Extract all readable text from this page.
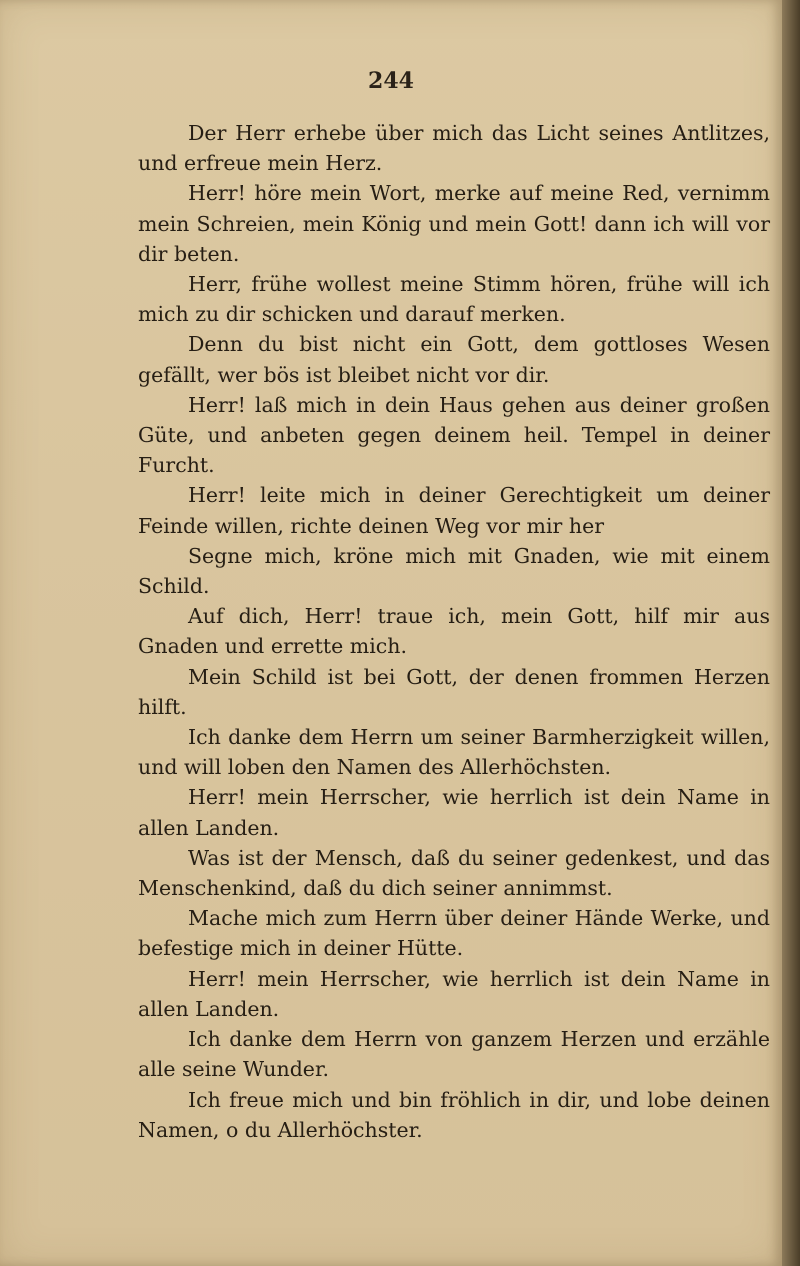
244

Der Herr erhebe über mich das Licht seines Antlitzes, und erfreue mein Herz.

Herr! höre mein Wort, merke auf meine Red, vernimm mein Schreien, mein König und mein Gott! dann ich will vor dir beten.

Herr, frühe wollest meine Stimm hören, frühe will ich mich zu dir schicken und darauf merken.

Denn du bist nicht ein Gott, dem gottloses Wesen gefällt, wer bös ist bleibet nicht vor dir.

Herr! laß mich in dein Haus gehen aus deiner großen Güte, und anbeten gegen deinem heil. Tempel in deiner Furcht.

Herr! leite mich in deiner Gerechtigkeit um deiner Feinde willen, richte deinen Weg vor mir her

Segne mich, kröne mich mit Gnaden, wie mit einem Schild.

Auf dich, Herr! traue ich, mein Gott, hilf mir aus Gnaden und errette mich.

Mein Schild ist bei Gott, der denen frommen Herzen hilft.

Ich danke dem Herrn um seiner Barmherzigkeit willen, und will loben den Namen des Allerhöchsten.

Herr! mein Herrscher, wie herrlich ist dein Name in allen Landen.

Was ist der Mensch, daß du seiner gedenkest, und das Menschenkind, daß du dich seiner annimmst.

Mache mich zum Herrn über deiner Hände Werke, und befestige mich in deiner Hütte.

Herr! mein Herrscher, wie herrlich ist dein Name in allen Landen.

Ich danke dem Herrn von ganzem Herzen und erzähle alle seine Wunder.

Ich freue mich und bin fröhlich in dir, und lobe deinen Namen, o du Allerhöchster.
